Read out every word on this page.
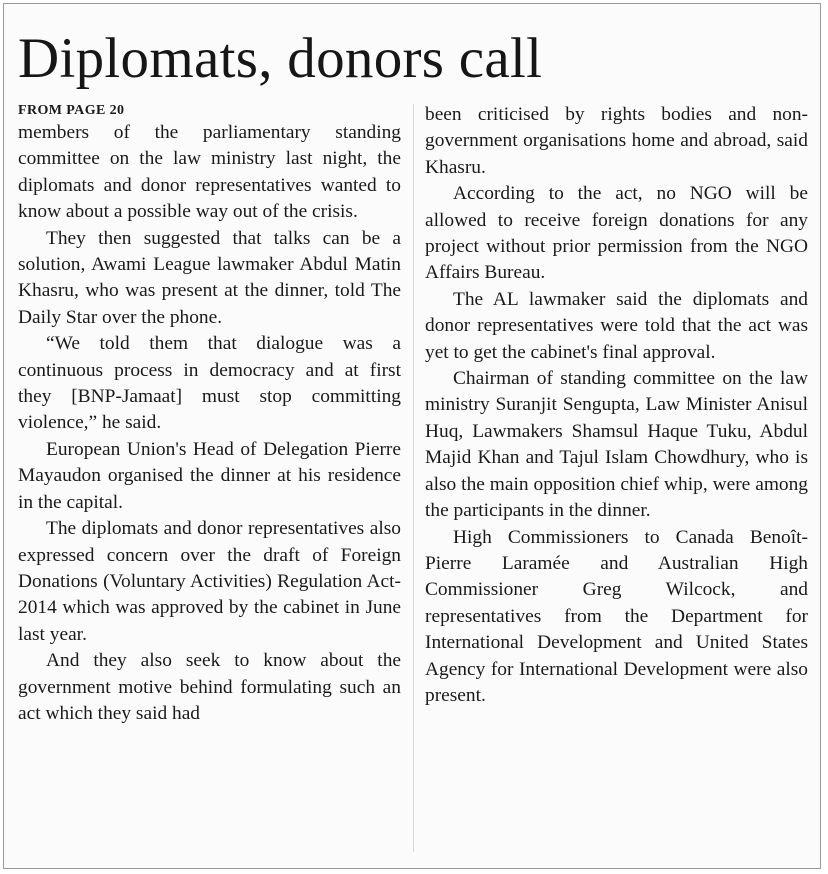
Diplomats, donors call
FROM PAGE 20

members of the parliamentary standing committee on the law ministry last night, the diplomats and donor representatives wanted to know about a possible way out of the crisis.

They then suggested that talks can be a solution, Awami League lawmaker Abdul Matin Khasru, who was present at the dinner, told The Daily Star over the phone.

“We told them that dialogue was a continuous process in democracy and at first they [BNP-Jamaat] must stop committing violence,” he said.

European Union's Head of Delegation Pierre Mayaudon organised the dinner at his residence in the capital.

The diplomats and donor representatives also expressed concern over the draft of Foreign Donations (Voluntary Activities) Regulation Act- 2014 which was approved by the cabinet in June last year.

And they also seek to know about the government motive behind formulating such an act which they said had

been criticised by rights bodies and non-government organisations home and abroad, said Khasru.

According to the act, no NGO will be allowed to receive foreign donations for any project without prior permission from the NGO Affairs Bureau.

The AL lawmaker said the diplomats and donor representatives were told that the act was yet to get the cabinet's final approval.

Chairman of standing committee on the law ministry Suranjit Sengupta, Law Minister Anisul Huq, Lawmakers Shamsul Haque Tuku, Abdul Majid Khan and Tajul Islam Chowdhury, who is also the main opposition chief whip, were among the participants in the dinner.

High Commissioners to Canada Benoît-Pierre Laramée and Australian High Commissioner Greg Wilcock, and representatives from the Department for International Development and United States Agency for International Development were also present.
